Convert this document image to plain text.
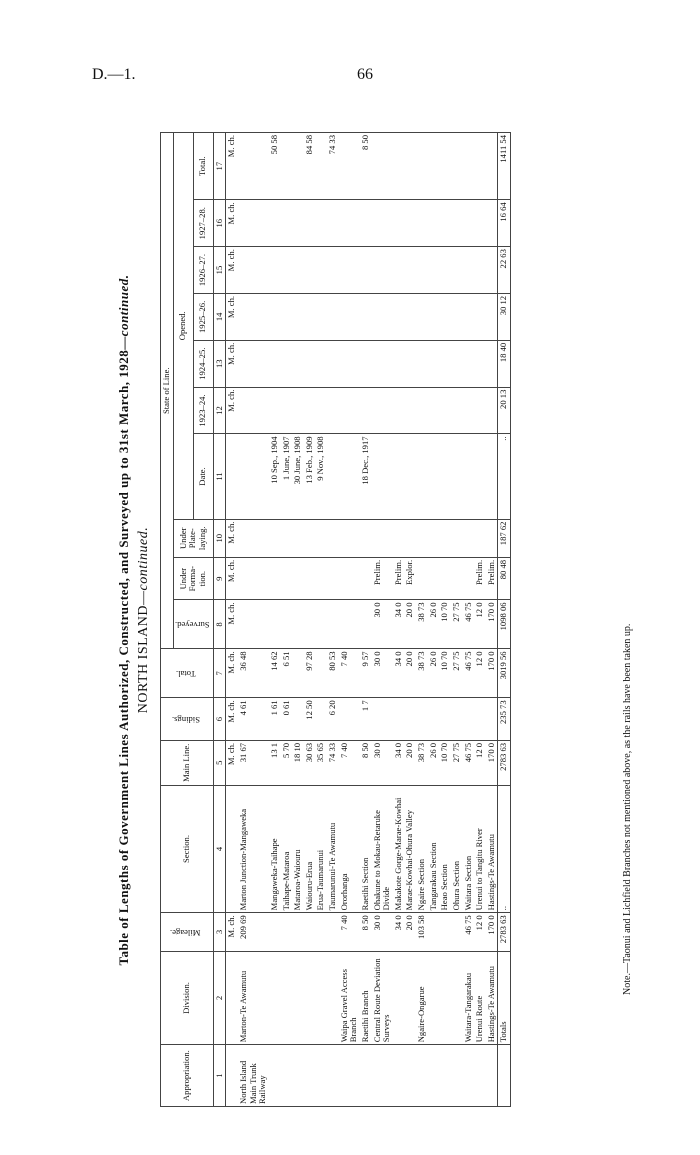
D.—1.	66
Table of Lengths of Government Lines Authorized, Constructed, and Surveyed up to 31st March, 1928—continued.
NORTH ISLAND—continued.
Appropriation.	Division.	Mileage.	Section.	Main Line.	Sidings.	Total.	State of Line.									
							Surveyed.	Under Forma-tion.	Under Plate-laying.	Opened.						
										Date.	1923–24.	1924–25.	1925–26.	1926–27.	1927–28.	Total.
1	2	3	4	5	6	7	8	9	10	11	12	13	14	15	16	17
		M. ch.		M. ch.	M. ch.	M. ch.	M. ch.	M. ch.	M. ch.		M. ch.	M. ch.	M. ch.	M. ch.	M. ch.	M. ch.
North Island Main Trunk Railway	Marton-Te Awamutu	209 69	Marton Junction-Mangaweka	31 67	4 61	36 48										
			Mangaweka-Taihape	13 1	1 61	14 62				10 Sep., 1904						50 58
			Taihape-Mataroa	5 70	0 61	6 51				1 June, 1907						
			Mataroa-Waiouru	18 10						30 June, 1908						
			Waiouru-Erua	30 63	12 50	97 28				13 Feb., 1909						84 58
			Erua-Taumarunui	35 65						9 Nov., 1908						
			Taumarunui-Te Awamutu	74 33	6 20	80 53										74 33
	Waipa Gravel Access Branch	7 40	Ororhanga	7 40		7 40										
	Raetihi Branch	8 50	Raetihi Section	8 50	1 7	9 57				18 Dec., 1917						8 50
	Central Route Deviation Surveys	30 0	Ohakune to Mokau-Retaruke Divide	30 0		30 0	30 0	Prelim.								
		34 0	Makakote Gorge-Marae-Kowhai	34 0		34 0	34 0	Prelim.								
		20 0	Marae-Kowhai-Ohura Valley	20 0		20 0	20 0	Explor.								
	Ngaire-Ongarue	103 58	Ngaire Section	38 73		38 73	38 73									
			Tangarakau Section	26 0		26 0	26 0									
			Heao Section	10 70		10 70	10 70									
			Ohura Section	27 75		27 75	27 75									
	Waitara-Tangarakau	46 75	Waitara Section	46 75		46 75	46 75									
	Urenui Route	12 0	Urenui to Tangitu River	12 0		12 0	12 0	Prelim.								
	Hastings-Te Awamutu	170 0	Hastings-Te Awamutu	170 0		170 0	170 0	Prelim.								
	Totals	2783 63	..	2783 63	235 73	3019 56	1098 06	80 48	187 62	..	20 13	18 40	30 12	22 63	16 64	1411 54
Note.—Taonui and Lichfield Branches not mentioned above, as the rails have been taken up.
